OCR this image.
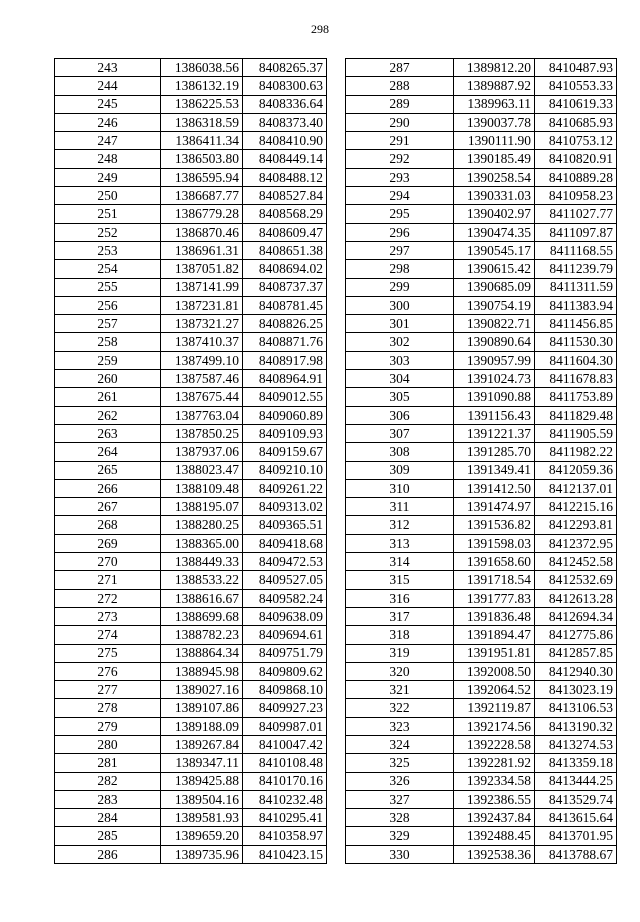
298
243	1386038.56	8408265.37
244	1386132.19	8408300.63
245	1386225.53	8408336.64
246	1386318.59	8408373.40
247	1386411.34	8408410.90
248	1386503.80	8408449.14
249	1386595.94	8408488.12
250	1386687.77	8408527.84
251	1386779.28	8408568.29
252	1386870.46	8408609.47
253	1386961.31	8408651.38
254	1387051.82	8408694.02
255	1387141.99	8408737.37
256	1387231.81	8408781.45
257	1387321.27	8408826.25
258	1387410.37	8408871.76
259	1387499.10	8408917.98
260	1387587.46	8408964.91
261	1387675.44	8409012.55
262	1387763.04	8409060.89
263	1387850.25	8409109.93
264	1387937.06	8409159.67
265	1388023.47	8409210.10
266	1388109.48	8409261.22
267	1388195.07	8409313.02
268	1388280.25	8409365.51
269	1388365.00	8409418.68
270	1388449.33	8409472.53
271	1388533.22	8409527.05
272	1388616.67	8409582.24
273	1388699.68	8409638.09
274	1388782.23	8409694.61
275	1388864.34	8409751.79
276	1388945.98	8409809.62
277	1389027.16	8409868.10
278	1389107.86	8409927.23
279	1389188.09	8409987.01
280	1389267.84	8410047.42
281	1389347.11	8410108.48
282	1389425.88	8410170.16
283	1389504.16	8410232.48
284	1389581.93	8410295.41
285	1389659.20	8410358.97
286	1389735.96	8410423.15
287	1389812.20	8410487.93
288	1389887.92	8410553.33
289	1389963.11	8410619.33
290	1390037.78	8410685.93
291	1390111.90	8410753.12
292	1390185.49	8410820.91
293	1390258.54	8410889.28
294	1390331.03	8410958.23
295	1390402.97	8411027.77
296	1390474.35	8411097.87
297	1390545.17	8411168.55
298	1390615.42	8411239.79
299	1390685.09	8411311.59
300	1390754.19	8411383.94
301	1390822.71	8411456.85
302	1390890.64	8411530.30
303	1390957.99	8411604.30
304	1391024.73	8411678.83
305	1391090.88	8411753.89
306	1391156.43	8411829.48
307	1391221.37	8411905.59
308	1391285.70	8411982.22
309	1391349.41	8412059.36
310	1391412.50	8412137.01
311	1391474.97	8412215.16
312	1391536.82	8412293.81
313	1391598.03	8412372.95
314	1391658.60	8412452.58
315	1391718.54	8412532.69
316	1391777.83	8412613.28
317	1391836.48	8412694.34
318	1391894.47	8412775.86
319	1391951.81	8412857.85
320	1392008.50	8412940.30
321	1392064.52	8413023.19
322	1392119.87	8413106.53
323	1392174.56	8413190.32
324	1392228.58	8413274.53
325	1392281.92	8413359.18
326	1392334.58	8413444.25
327	1392386.55	8413529.74
328	1392437.84	8413615.64
329	1392488.45	8413701.95
330	1392538.36	8413788.67
